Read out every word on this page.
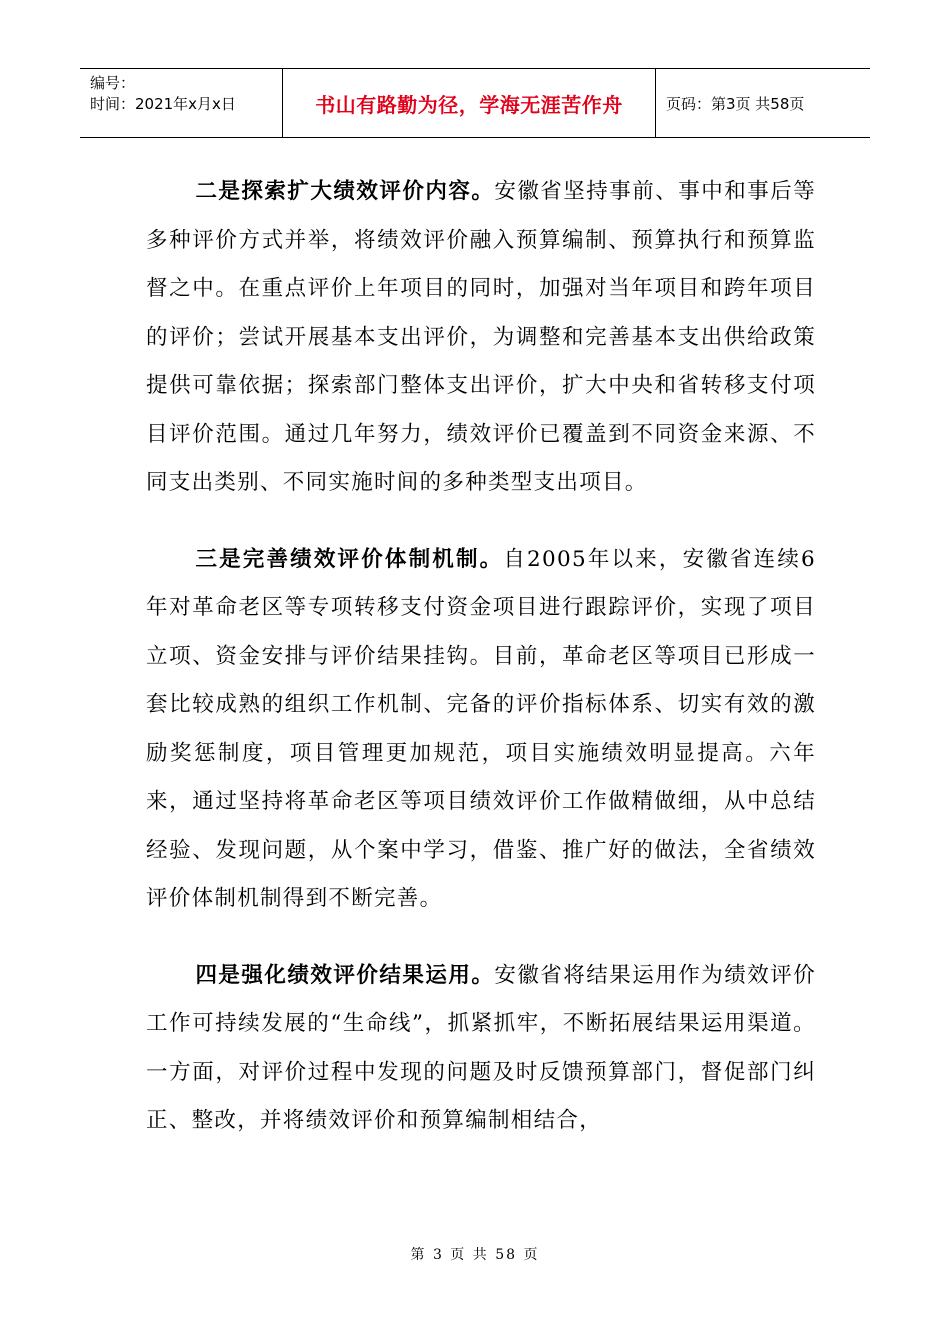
编号：
时间：2021年x月x日	书山有路勤为径，学海无涯苦作舟	页码：第3页 共58页

二是探索扩大绩效评价内容。安徽省坚持事前、事中和事后等多种评价方式并举，将绩效评价融入预算编制、预算执行和预算监督之中。在重点评价上年项目的同时，加强对当年项目和跨年项目的评价；尝试开展基本支出评价，为调整和完善基本支出供给政策提供可靠依据；探索部门整体支出评价，扩大中央和省转移支付项目评价范围。通过几年努力，绩效评价已覆盖到不同资金来源、不同支出类别、不同实施时间的多种类型支出项目。

三是完善绩效评价体制机制。自2005年以来，安徽省连续6年对革命老区等专项转移支付资金项目进行跟踪评价，实现了项目立项、资金安排与评价结果挂钩。目前，革命老区等项目已形成一套比较成熟的组织工作机制、完备的评价指标体系、切实有效的激励奖惩制度，项目管理更加规范，项目实施绩效明显提高。六年来，通过坚持将革命老区等项目绩效评价工作做精做细，从中总结经验、发现问题，从个案中学习，借鉴、推广好的做法，全省绩效评价体制机制得到不断完善。

四是强化绩效评价结果运用。安徽省将结果运用作为绩效评价工作可持续发展的“生命线”，抓紧抓牢，不断拓展结果运用渠道。一方面，对评价过程中发现的问题及时反馈预算部门，督促部门纠正、整改，并将绩效评价和预算编制相结合，

第 3 页 共 58 页
